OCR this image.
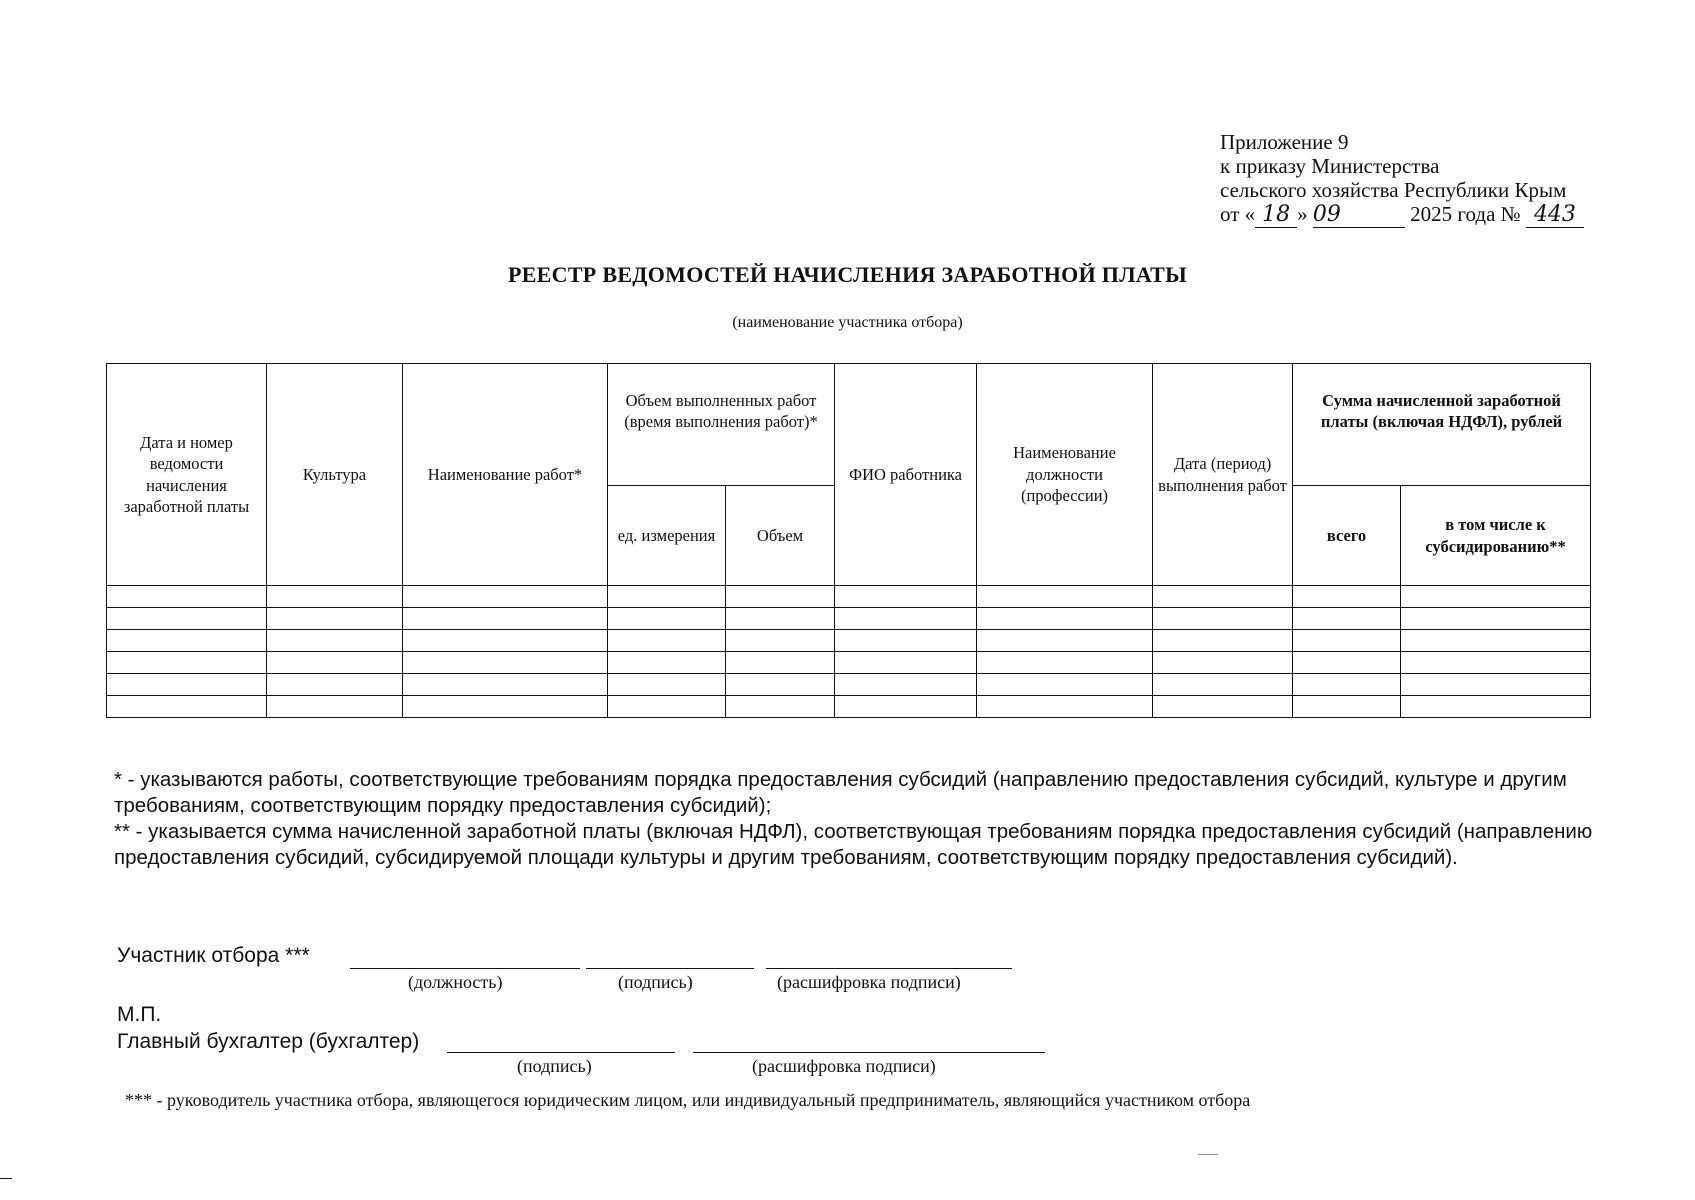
Приложение 9
к приказу Министерства
сельского хозяйства Республики Крым
от « 18 » 09	2025 года № 443
РЕЕСТР ВЕДОМОСТЕЙ НАЧИСЛЕНИЯ ЗАРАБОТНОЙ ПЛАТЫ
(наименование участника отбора)
Дата и номер ведомости начисления заработной платы	Культура	Наименование работ*	Объем выполненных работ (время выполнения работ)*		ФИО работника	Наименование должности (профессии)	Дата (период) выполнения работ	Сумма начисленной заработной платы (включая НДФЛ), рублей	
			ед. измерения	Объем				всего	в том числе к субсидированию**

* - указываются работы, соответствующие требованиям порядка предоставления субсидий (направлению предоставления субсидий, культуре и другим требованиям, соответствующим порядку предоставления субсидий);

** - указывается сумма начисленной заработной платы (включая НДФЛ), соответствующая требованиям порядка предоставления субсидий (направлению предоставления субсидий, субсидируемой площади культуры и другим требованиям, соответствующим порядку предоставления субсидий).

Участник отбора ***
(должность)	(подпись)	(расшифровка подписи)
М.П.
Главный бухгалтер (бухгалтер)
(подпись)	(расшифровка подписи)
*** - руководитель участника отбора, являющегося юридическим лицом, или индивидуальный предприниматель, являющийся участником отбора
